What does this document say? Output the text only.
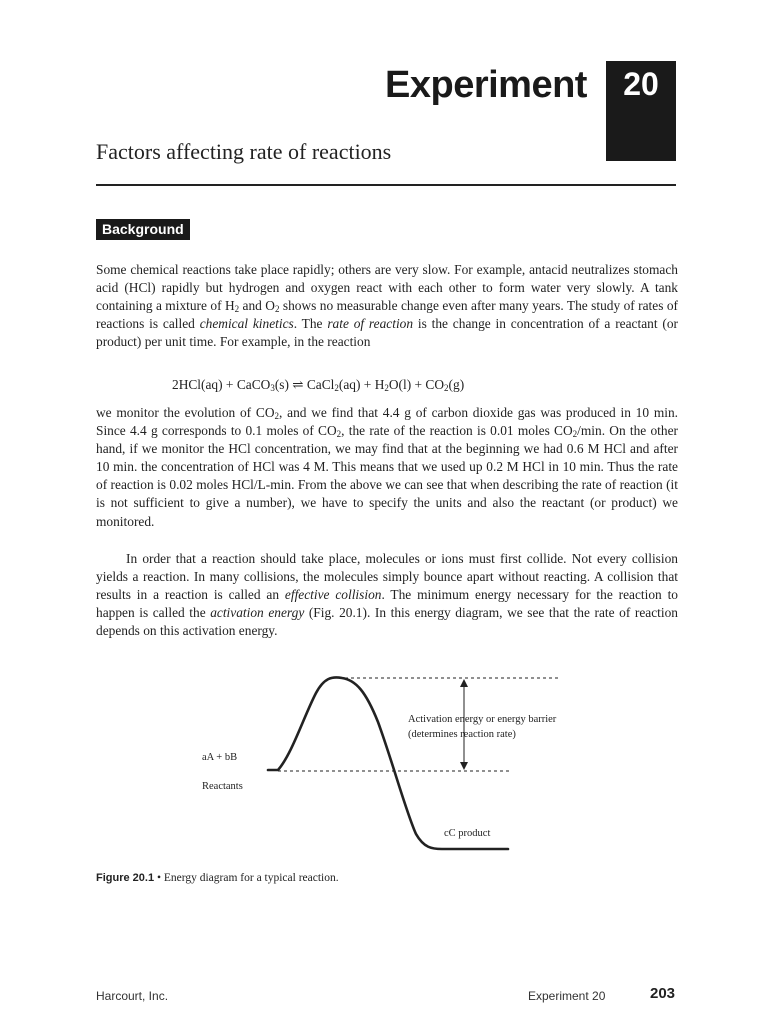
Experiment	20
Factors affecting rate of reactions
Background

Some chemical reactions take place rapidly; others are very slow. For example, antacid neutralizes stomach acid (HCl) rapidly but hydrogen and oxygen react with each other to form water very slowly. A tank containing a mixture of $H_2$ and $O_2$ shows no measurable change even after many years. The study of rates of reactions is called chemical kinetics. The rate of reaction is the change in concentration of a reactant (or product) per unit time. For example, in the reaction

2HCl(aq) + CaCO$_3$(s) ⇌ CaCl$_2$(aq) + $H_2O(l) + CO_2(g)$

we monitor the evolution of $CO_2$, and we find that 4.4 g of carbon dioxide gas was produced in 10 min. Since 4.4 g corresponds to 0.1 moles of $CO_2$, the rate of the reaction is 0.01 moles $CO_2/\min$. On the other hand, if we monitor the HCl concentration, we may find that at the beginning we had 0.6 M HCl and after 10 min. the concentration of HCl was 4 M. This means that we used up 0.2 M HCl in 10 min. Thus the rate of reaction is 0.02 moles HCl/L-min. From the above we can see that when describing the rate of reaction (it is not sufficient to give a number), we have to specify the units and also the reactant (or product) we monitored.

In order that a reaction should take place, molecules or ions must first collide. Not every collision yields a reaction. In many collisions, the molecules simply bounce apart without reacting. A collision that results in a reaction is called an effective collision. The minimum energy necessary for the reaction to happen is called the activation energy (Fig. 20.1). In this energy diagram, we see that the rate of reaction depends on this activation energy.

Activation energy or energy barrier
(determines reaction rate)
aA + bB
Reactants
cC product
Figure 20.1 • Energy diagram for a typical reaction.
Harcourt, Inc.	Experiment 20	203
